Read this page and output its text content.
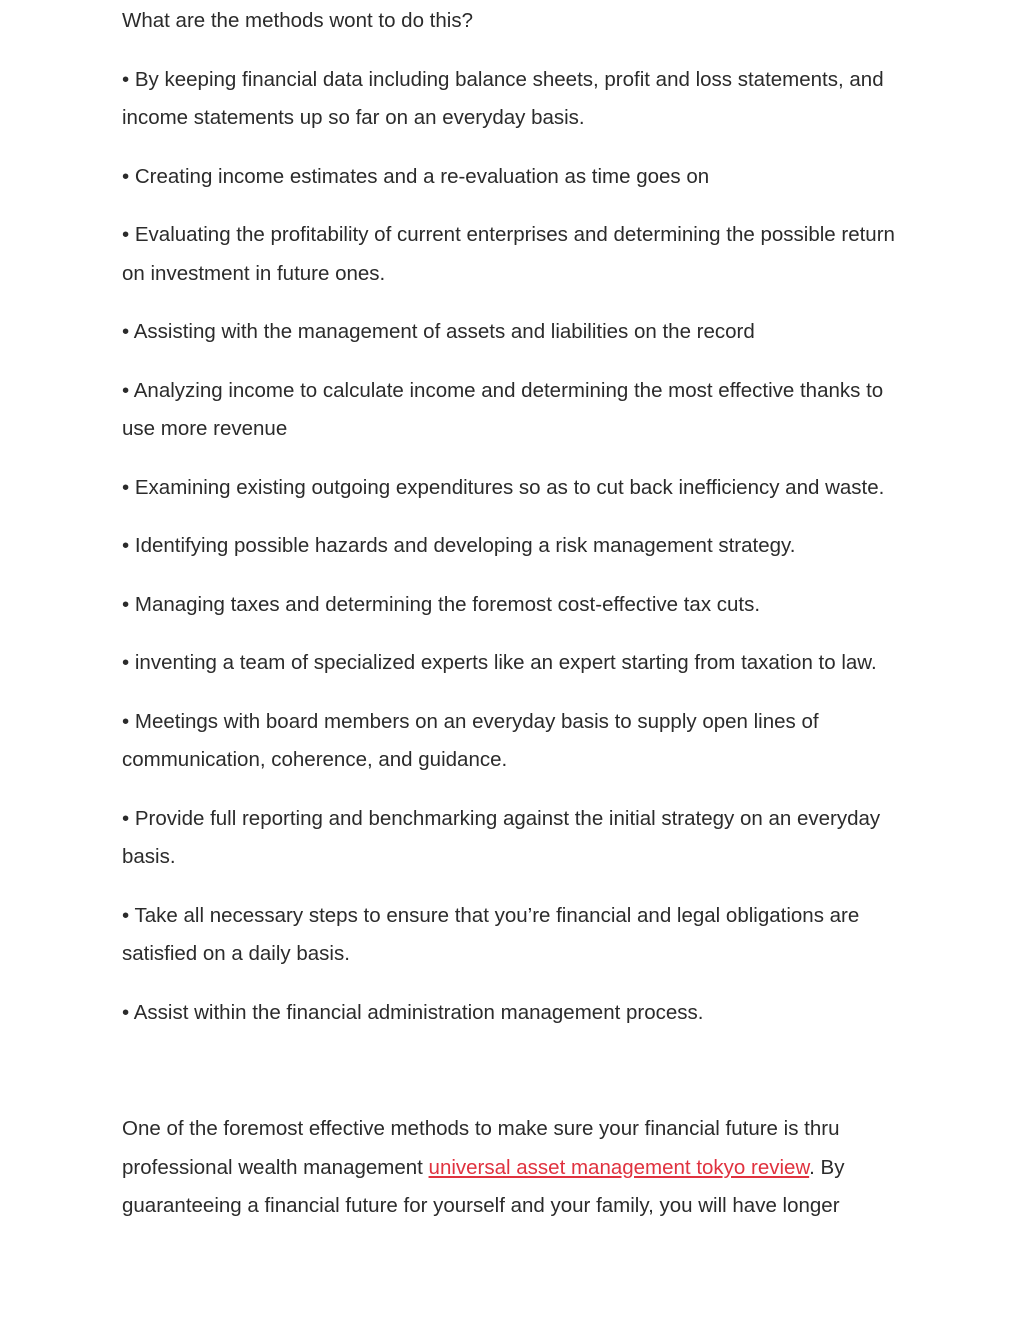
What are the methods wont to do this?

• By keeping financial data including balance sheets, profit and loss statements, and income statements up so far on an everyday basis.

• Creating income estimates and a re-evaluation as time goes on

• Evaluating the profitability of current enterprises and determining the possible return on investment in future ones.

• Assisting with the management of assets and liabilities on the record

• Analyzing income to calculate income and determining the most effective thanks to use more revenue

• Examining existing outgoing expenditures so as to cut back inefficiency and waste.

• Identifying possible hazards and developing a risk management strategy.

• Managing taxes and determining the foremost cost-effective tax cuts.

• inventing a team of specialized experts like an expert starting from taxation to law.

• Meetings with board members on an everyday basis to supply open lines of communication, coherence, and guidance.

• Provide full reporting and benchmarking against the initial strategy on an everyday basis.

• Take all necessary steps to ensure that you’re financial and legal obligations are satisfied on a daily basis.

• Assist within the financial administration management process.

One of the foremost effective methods to make sure your financial future is thru professional wealth management universal asset management tokyo review. By guaranteeing a financial future for yourself and your family, you will have longer
